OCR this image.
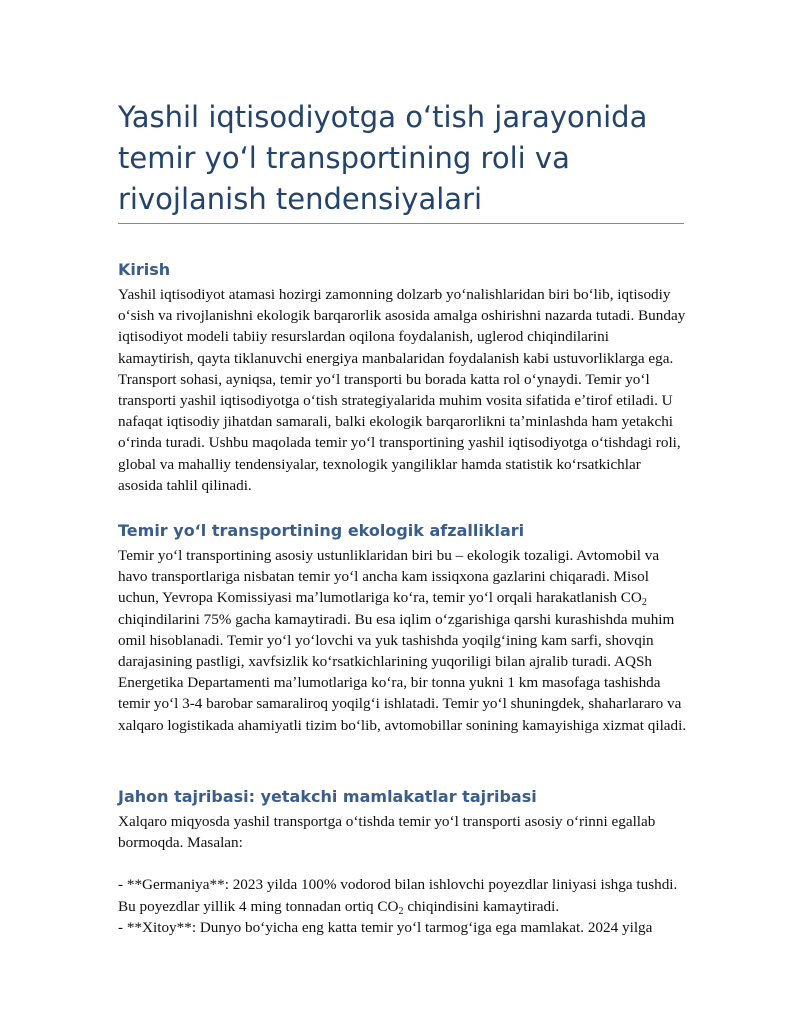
Yashil iqtisodiyotga oʻtish jarayonida temir yoʻl transportining roli va rivojlanish tendensiyalari
Kirish

Yashil iqtisodiyot atamasi hozirgi zamonning dolzarb yoʻnalishlaridan biri boʻlib, iqtisodiy oʻsish va rivojlanishni ekologik barqarorlik asosida amalga oshirishni nazarda tutadi. Bunday iqtisodiyot modeli tabiiy resurslardan oqilona foydalanish, uglerod chiqindilarini kamaytirish, qayta tiklanuvchi energiya manbalaridan foydalanish kabi ustuvorliklarga ega. Transport sohasi, ayniqsa, temir yoʻl transporti bu borada katta rol oʻynaydi. Temir yoʻl transporti yashil iqtisodiyotga oʻtish strategiyalarida muhim vosita sifatida eʼtirof etiladi. U nafaqat iqtisodiy jihatdan samarali, balki ekologik barqarorlikni taʼminlashda ham yetakchi oʻrinda turadi. Ushbu maqolada temir yoʻl transportining yashil iqtisodiyotga oʻtishdagi roli, global va mahalliy tendensiyalar, texnologik yangiliklar hamda statistik koʻrsatkichlar asosida tahlil qilinadi.

Temir yoʻl transportining ekologik afzalliklari

Temir yoʻl transportining asosiy ustunliklaridan biri bu – ekologik tozaligi. Avtomobil va havo transportlariga nisbatan temir yoʻl ancha kam issiqxona gazlarini chiqaradi. Misol uchun, Yevropa Komissiyasi maʼlumotlariga koʻra, temir yoʻl orqali harakatlanish $CO_2$ chiqindilarini 75% gacha kamaytiradi. Bu esa iqlim oʻzgarishiga qarshi kurashishda muhim omil hisoblanadi. Temir yoʻl yoʻlovchi va yuk tashishda yoqilgʻining kam sarfi, shovqin darajasining pastligi, xavfsizlik koʻrsatkichlarining yuqoriligi bilan ajralib turadi. AQSh Energetika Departamenti maʼlumotlariga koʻra, bir tonna yukni 1 km masofaga tashishda temir yoʻl 3-4 barobar samaraliroq yoqilgʻi ishlatadi. Temir yoʻl shuningdek, shaharlararo va xalqaro logistikada ahamiyatli tizim boʻlib, avtomobillar sonining kamayishiga xizmat qiladi.

Jahon tajribasi: yetakchi mamlakatlar tajribasi

Xalqaro miqyosda yashil transportga oʻtishda temir yoʻl transporti asosiy oʻrinni egallab bormoqda. Masalan:

- **Germaniya**: 2023 yilda 100% vodorod bilan ishlovchi poyezdlar liniyasi ishga tushdi. Bu poyezdlar yillik 4 ming tonnadan ortiq $CO_2$ chiqindisini kamaytiradi.

- **Xitoy**: Dunyo boʻyicha eng katta temir yoʻl tarmogʻiga ega mamlakat. 2024 yilga
